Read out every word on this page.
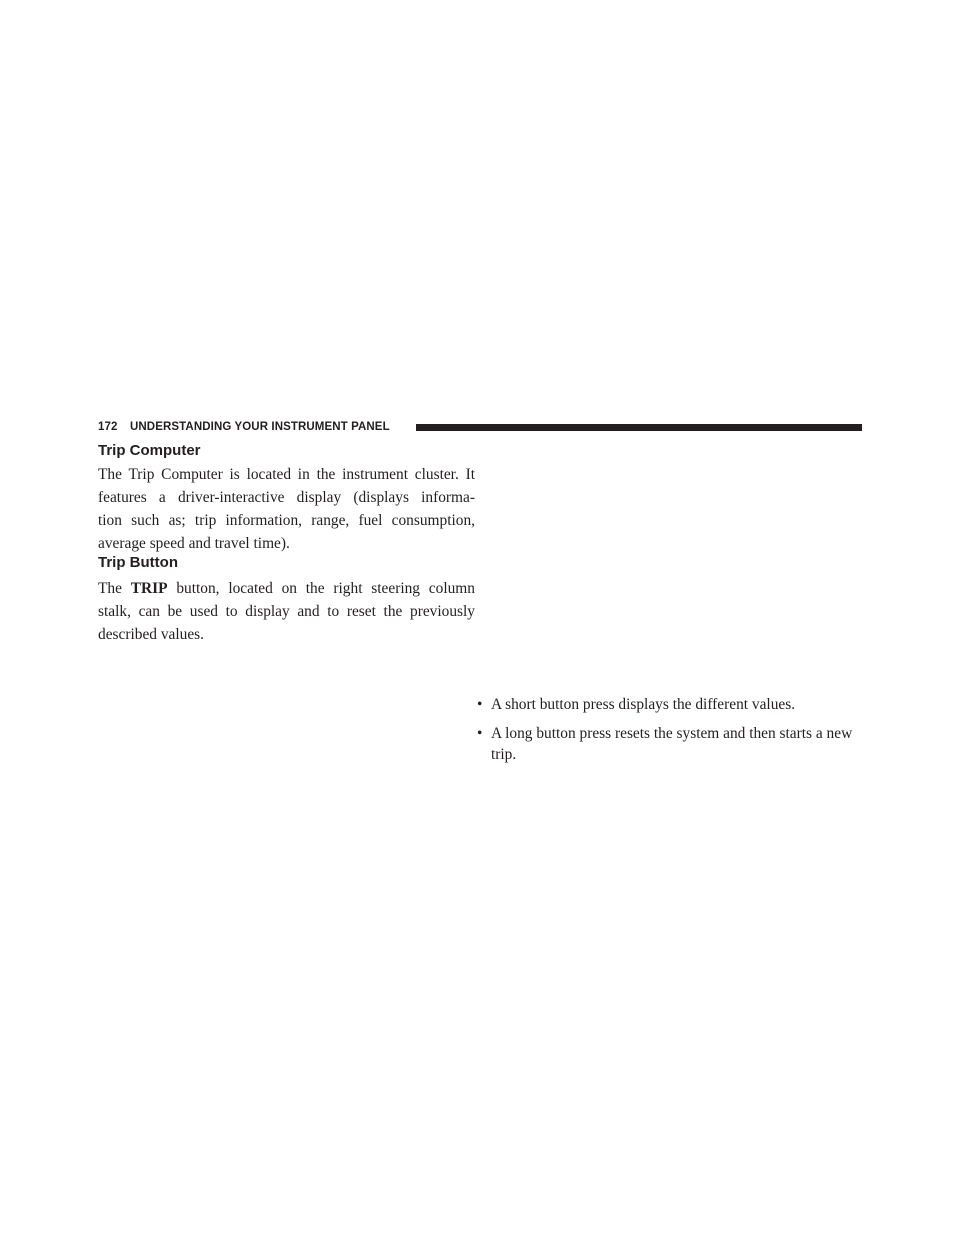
172 UNDERSTANDING YOUR INSTRUMENT PANEL
Trip Computer

The Trip Computer is located in the instrument cluster. It
features a driver-interactive display (displays informa-
tion such as; trip information, range, fuel consumption,
average speed and travel time).

Trip Button

The TRIP button, located on the right steering column
stalk, can be used to display and to reset the previously
described values.

• A short button press displays the different values.
• A long button press resets the system and then starts a new trip.
